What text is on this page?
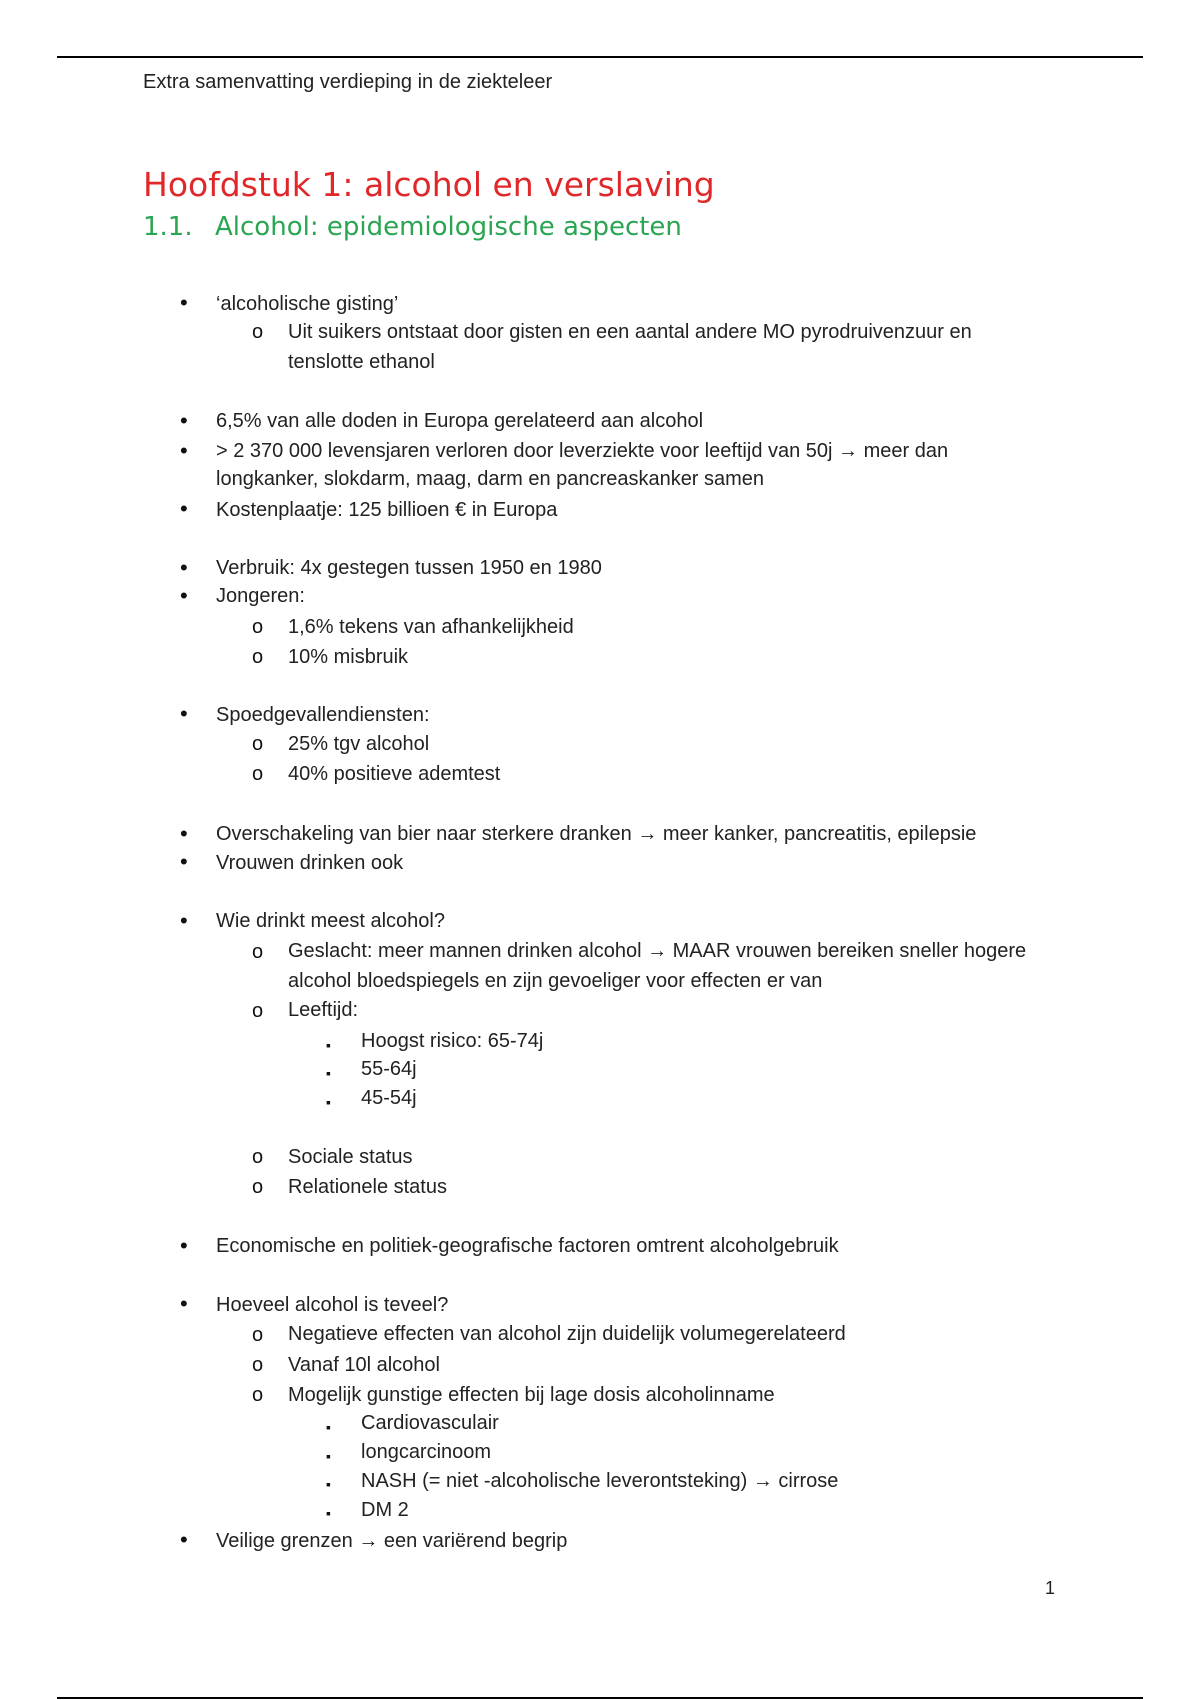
Extra samenvatting verdieping in de ziekteleer
Hoofdstuk 1: alcohol en verslaving
1.1. Alcohol: epidemiologische aspecten
• ‘alcoholische gisting’
o Uit suikers ontstaat door gisten en een aantal andere MO pyrodruivenzuur en
tenslotte ethanol
• 6,5% van alle doden in Europa gerelateerd aan alcohol
• > 2 370 000 levensjaren verloren door leverziekte voor leeftijd van 50j → meer dan
longkanker, slokdarm, maag, darm en pancreaskanker samen
• Kostenplaatje: 125 billioen € in Europa
• Verbruik: 4x gestegen tussen 1950 en 1980
• Jongeren:
o 1,6% tekens van afhankelijkheid
o 10% misbruik
• Spoedgevallendiensten:
o 25% tgv alcohol
o 40% positieve ademtest
• Overschakeling van bier naar sterkere dranken → meer kanker, pancreatitis, epilepsie
• Vrouwen drinken ook
• Wie drinkt meest alcohol?
o Geslacht: meer mannen drinken alcohol → MAAR vrouwen bereiken sneller hogere
alcohol bloedspiegels en zijn gevoeliger voor effecten er van
o Leeftijd:
▪ Hoogst risico: 65-74j
▪ 55-64j
▪ 45-54j
o Sociale status
o Relationele status
• Economische en politiek-geografische factoren omtrent alcoholgebruik
• Hoeveel alcohol is teveel?
o Negatieve effecten van alcohol zijn duidelijk volumegerelateerd
o Vanaf 10l alcohol
o Mogelijk gunstige effecten bij lage dosis alcoholinname
▪ Cardiovasculair
▪ longcarcinoom
▪ NASH (= niet -alcoholische leverontsteking) → cirrose
▪ DM 2
• Veilige grenzen → een variërend begrip
1
